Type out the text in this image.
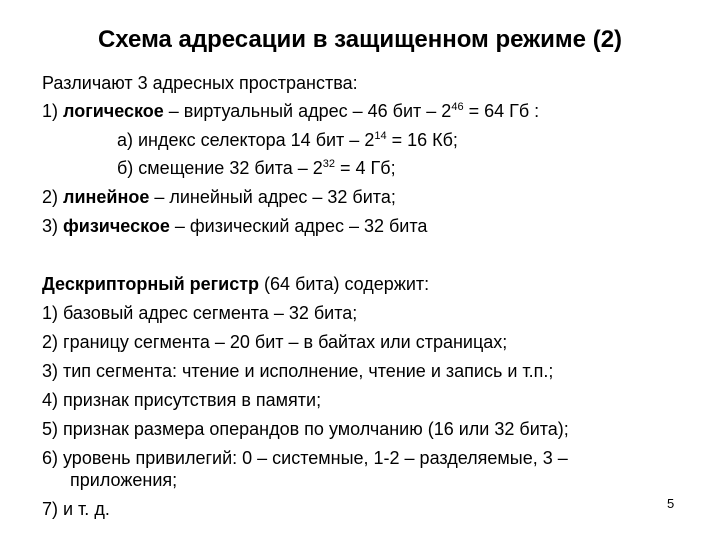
Схема адресации в защищенном режиме (2)
Различают 3 адресных пространства:
1) логическое – виртуальный адрес – 46 бит – $2^{46} = 64$ Гб :
а) индекс селектора 14 бит – $2^{14} = 16$ Кб;
б) смещение 32 бита – $2^{32} = 4$ Гб;
2) линейное – линейный адрес – 32 бита;
3) физическое – физический адрес – 32 бита
Дескрипторный регистр (64 бита) содержит:
1) базовый адрес сегмента – 32 бита;
2) границу сегмента – 20 бит – в байтах или страницах;
3) тип сегмента: чтение и исполнение, чтение и запись и т.п.;
4) признак присутствия в памяти;
5) признак размера операндов по умолчанию (16 или 32 бита);
6) уровень привилегий: 0 – системные, 1-2 – разделяемые, 3 –
приложения;
7) и т. д.	5
